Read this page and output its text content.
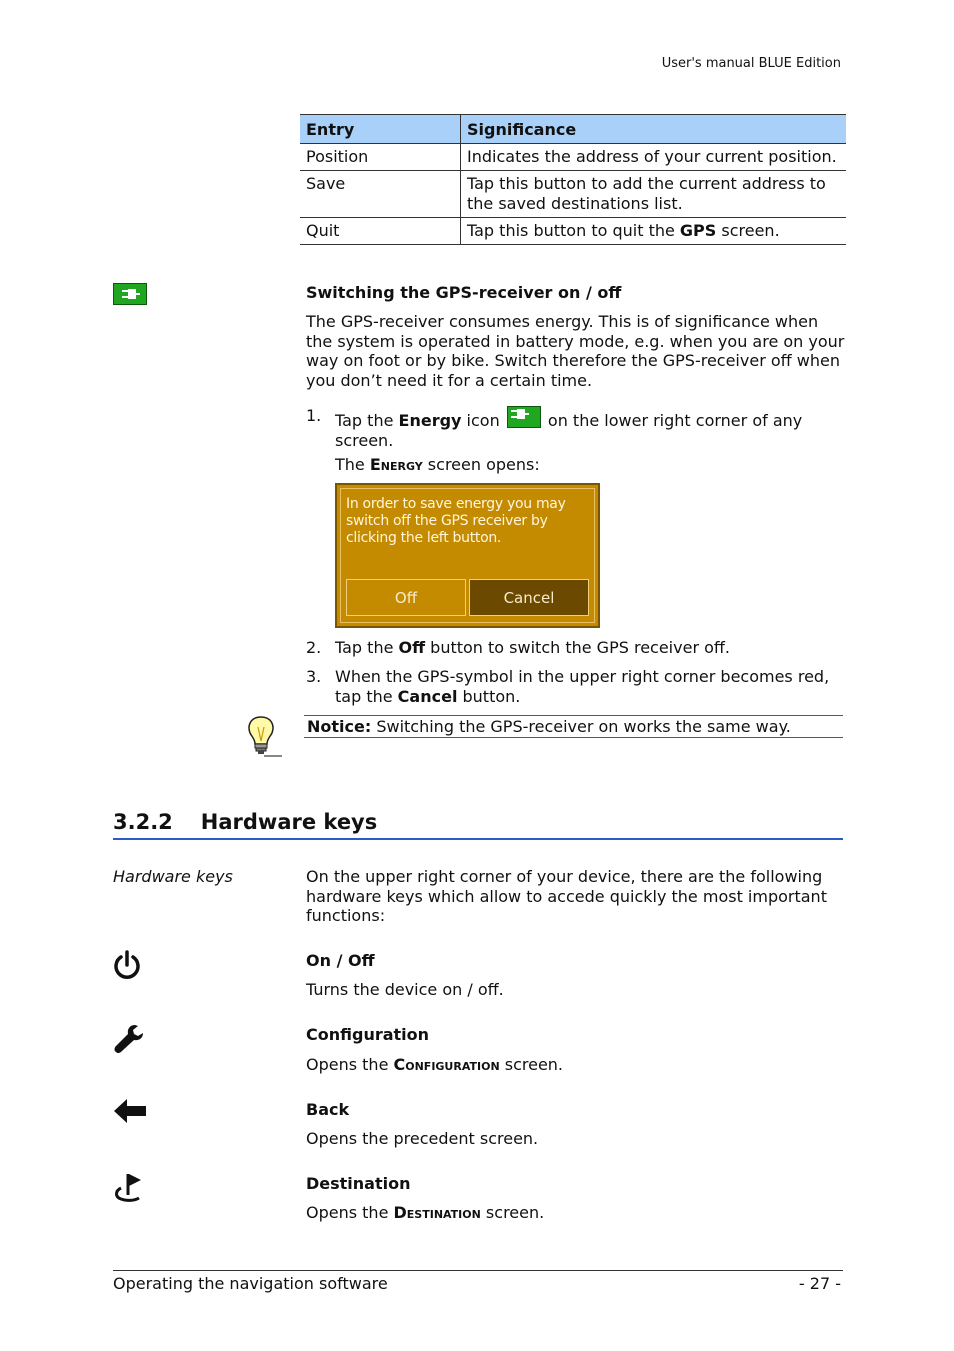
User's manual BLUE Edition
Entry	Significance
Position	Indicates the address of your current position.
Save	Tap this button to add the current address to the saved destinations list.
Quit	Tap this button to quit the GPS screen.
Switching the GPS-receiver on / off
The GPS-receiver consumes energy. This is of significance when the system is operated in battery mode, e.g. when you are on your way on foot or by bike. Switch therefore the GPS-receiver off when you don’t need it for a certain time.
1. Tap the Energy icon	on the lower right corner of any screen.
The Energy screen opens:
In order to save energy you may switch off the GPS receiver by clicking the left button.
Off	Cancel
2. Tap the Off button to switch the GPS receiver off.
3. When the GPS-symbol in the upper right corner becomes red, tap the Cancel button.
Notice: Switching the GPS-receiver on works the same way.
3.2.2 Hardware keys
Hardware keys	On the upper right corner of your device, there are the following hardware keys which allow to accede quickly the most important functions:
On / Off
Turns the device on / off.
Configuration
Opens the Configuration screen.
Back
Opens the precedent screen.
Destination
Opens the Destination screen.
Operating the navigation software	- 27 -
